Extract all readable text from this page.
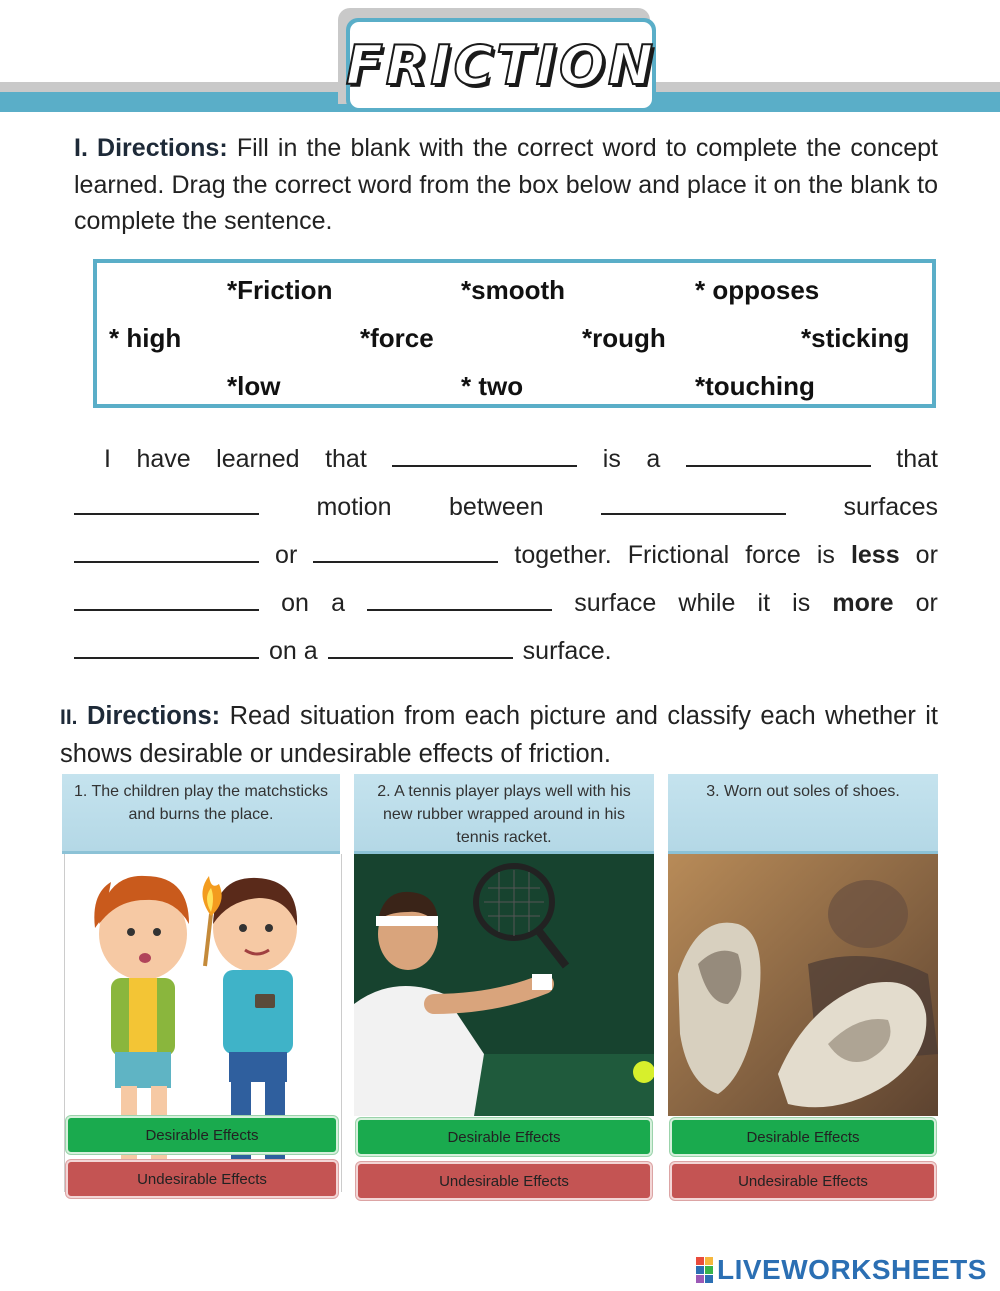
FRICTION
I. Directions: Fill in the blank with the correct word to complete the concept learned. Drag the correct word from the box below and place it on the blank to complete the sentence.
*Friction	*smooth	* opposes
* high	*force	*rough	*sticking
*low	* two	*touching
I have learned that	is a	that
motion between	surfaces
or	together. Frictional force is less or
on a	surface while it is more or
on a	surface.
II. Directions: Read situation from each picture and classify each whether it shows desirable or undesirable effects of friction.
1. The children play the matchsticks and burns the place.
Desirable Effects
Undesirable Effects
2. A tennis player plays well with his new rubber wrapped around in his tennis racket.
Desirable Effects
Undesirable Effects
3. Worn out soles of shoes.
Desirable Effects
Undesirable Effects
LIVEWORKSHEETS
